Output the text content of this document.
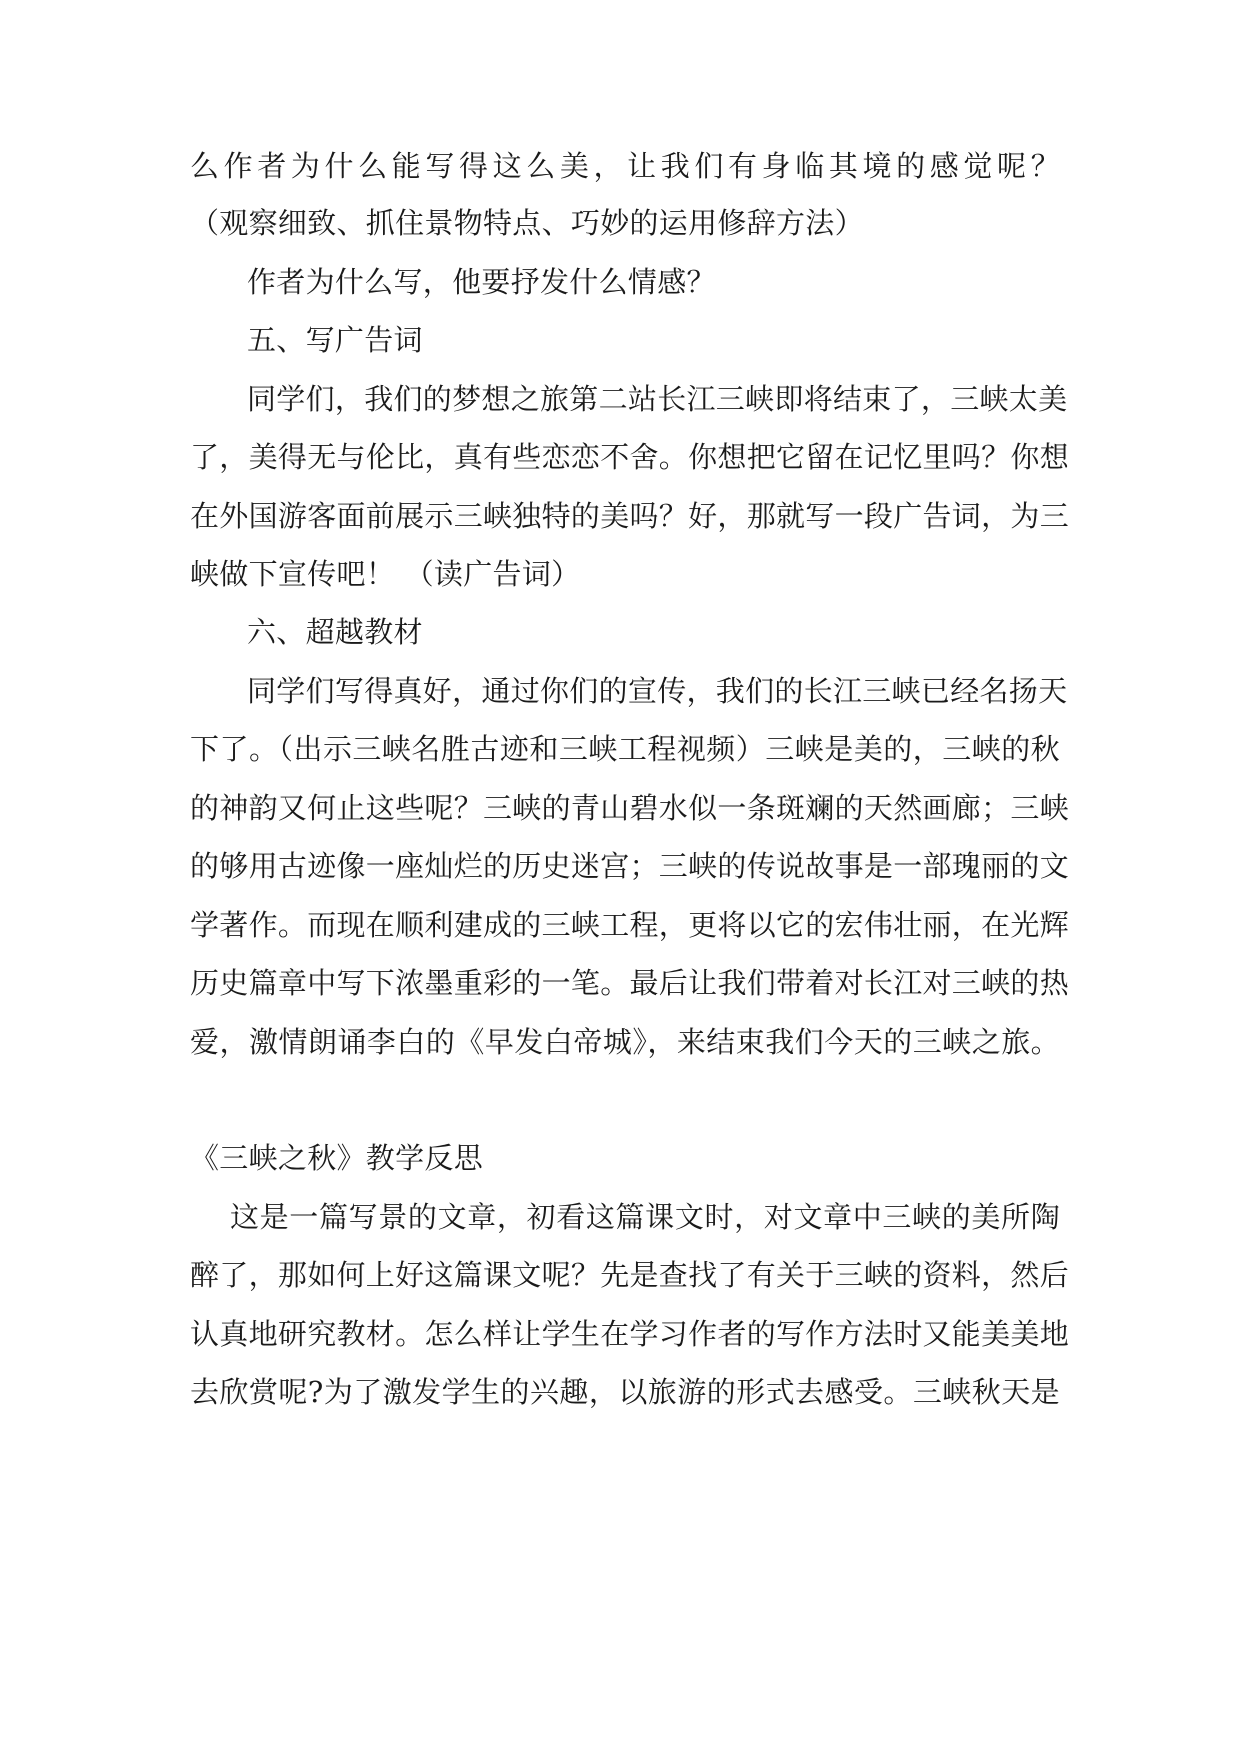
么作者为什么能写得这么美，让我们有身临其境的感觉呢？
（观察细致、抓住景物特点、巧妙的运用修辞方法）
作者为什么写，他要抒发什么情感？
五、写广告词
同学们，我们的梦想之旅第二站长江三峡即将结束了，三峡太美
了，美得无与伦比，真有些恋恋不舍。你想把它留在记忆里吗？你想
在外国游客面前展示三峡独特的美吗？好，那就写一段广告词，为三
峡做下宣传吧！ （读广告词）
六、超越教材
同学们写得真好，通过你们的宣传，我们的长江三峡已经名扬天
下了。（出示三峡名胜古迹和三峡工程视频）三峡是美的，三峡的秋
的神韵又何止这些呢？三峡的青山碧水似一条斑斓的天然画廊；三峡
的够用古迹像一座灿烂的历史迷宫；三峡的传说故事是一部瑰丽的文
学著作。而现在顺利建成的三峡工程，更将以它的宏伟壮丽，在光辉
历史篇章中写下浓墨重彩的一笔。最后让我们带着对长江对三峡的热
爱，激情朗诵李白的《早发白帝城》，来结束我们今天的三峡之旅。
《三峡之秋》教学反思
这是一篇写景的文章，初看这篇课文时，对文章中三峡的美所陶
醉了，那如何上好这篇课文呢？先是查找了有关于三峡的资料，然后
认真地研究教材。怎么样让学生在学习作者的写作方法时又能美美地
去欣赏呢?为了激发学生的兴趣，以旅游的形式去感受。三峡秋天是
